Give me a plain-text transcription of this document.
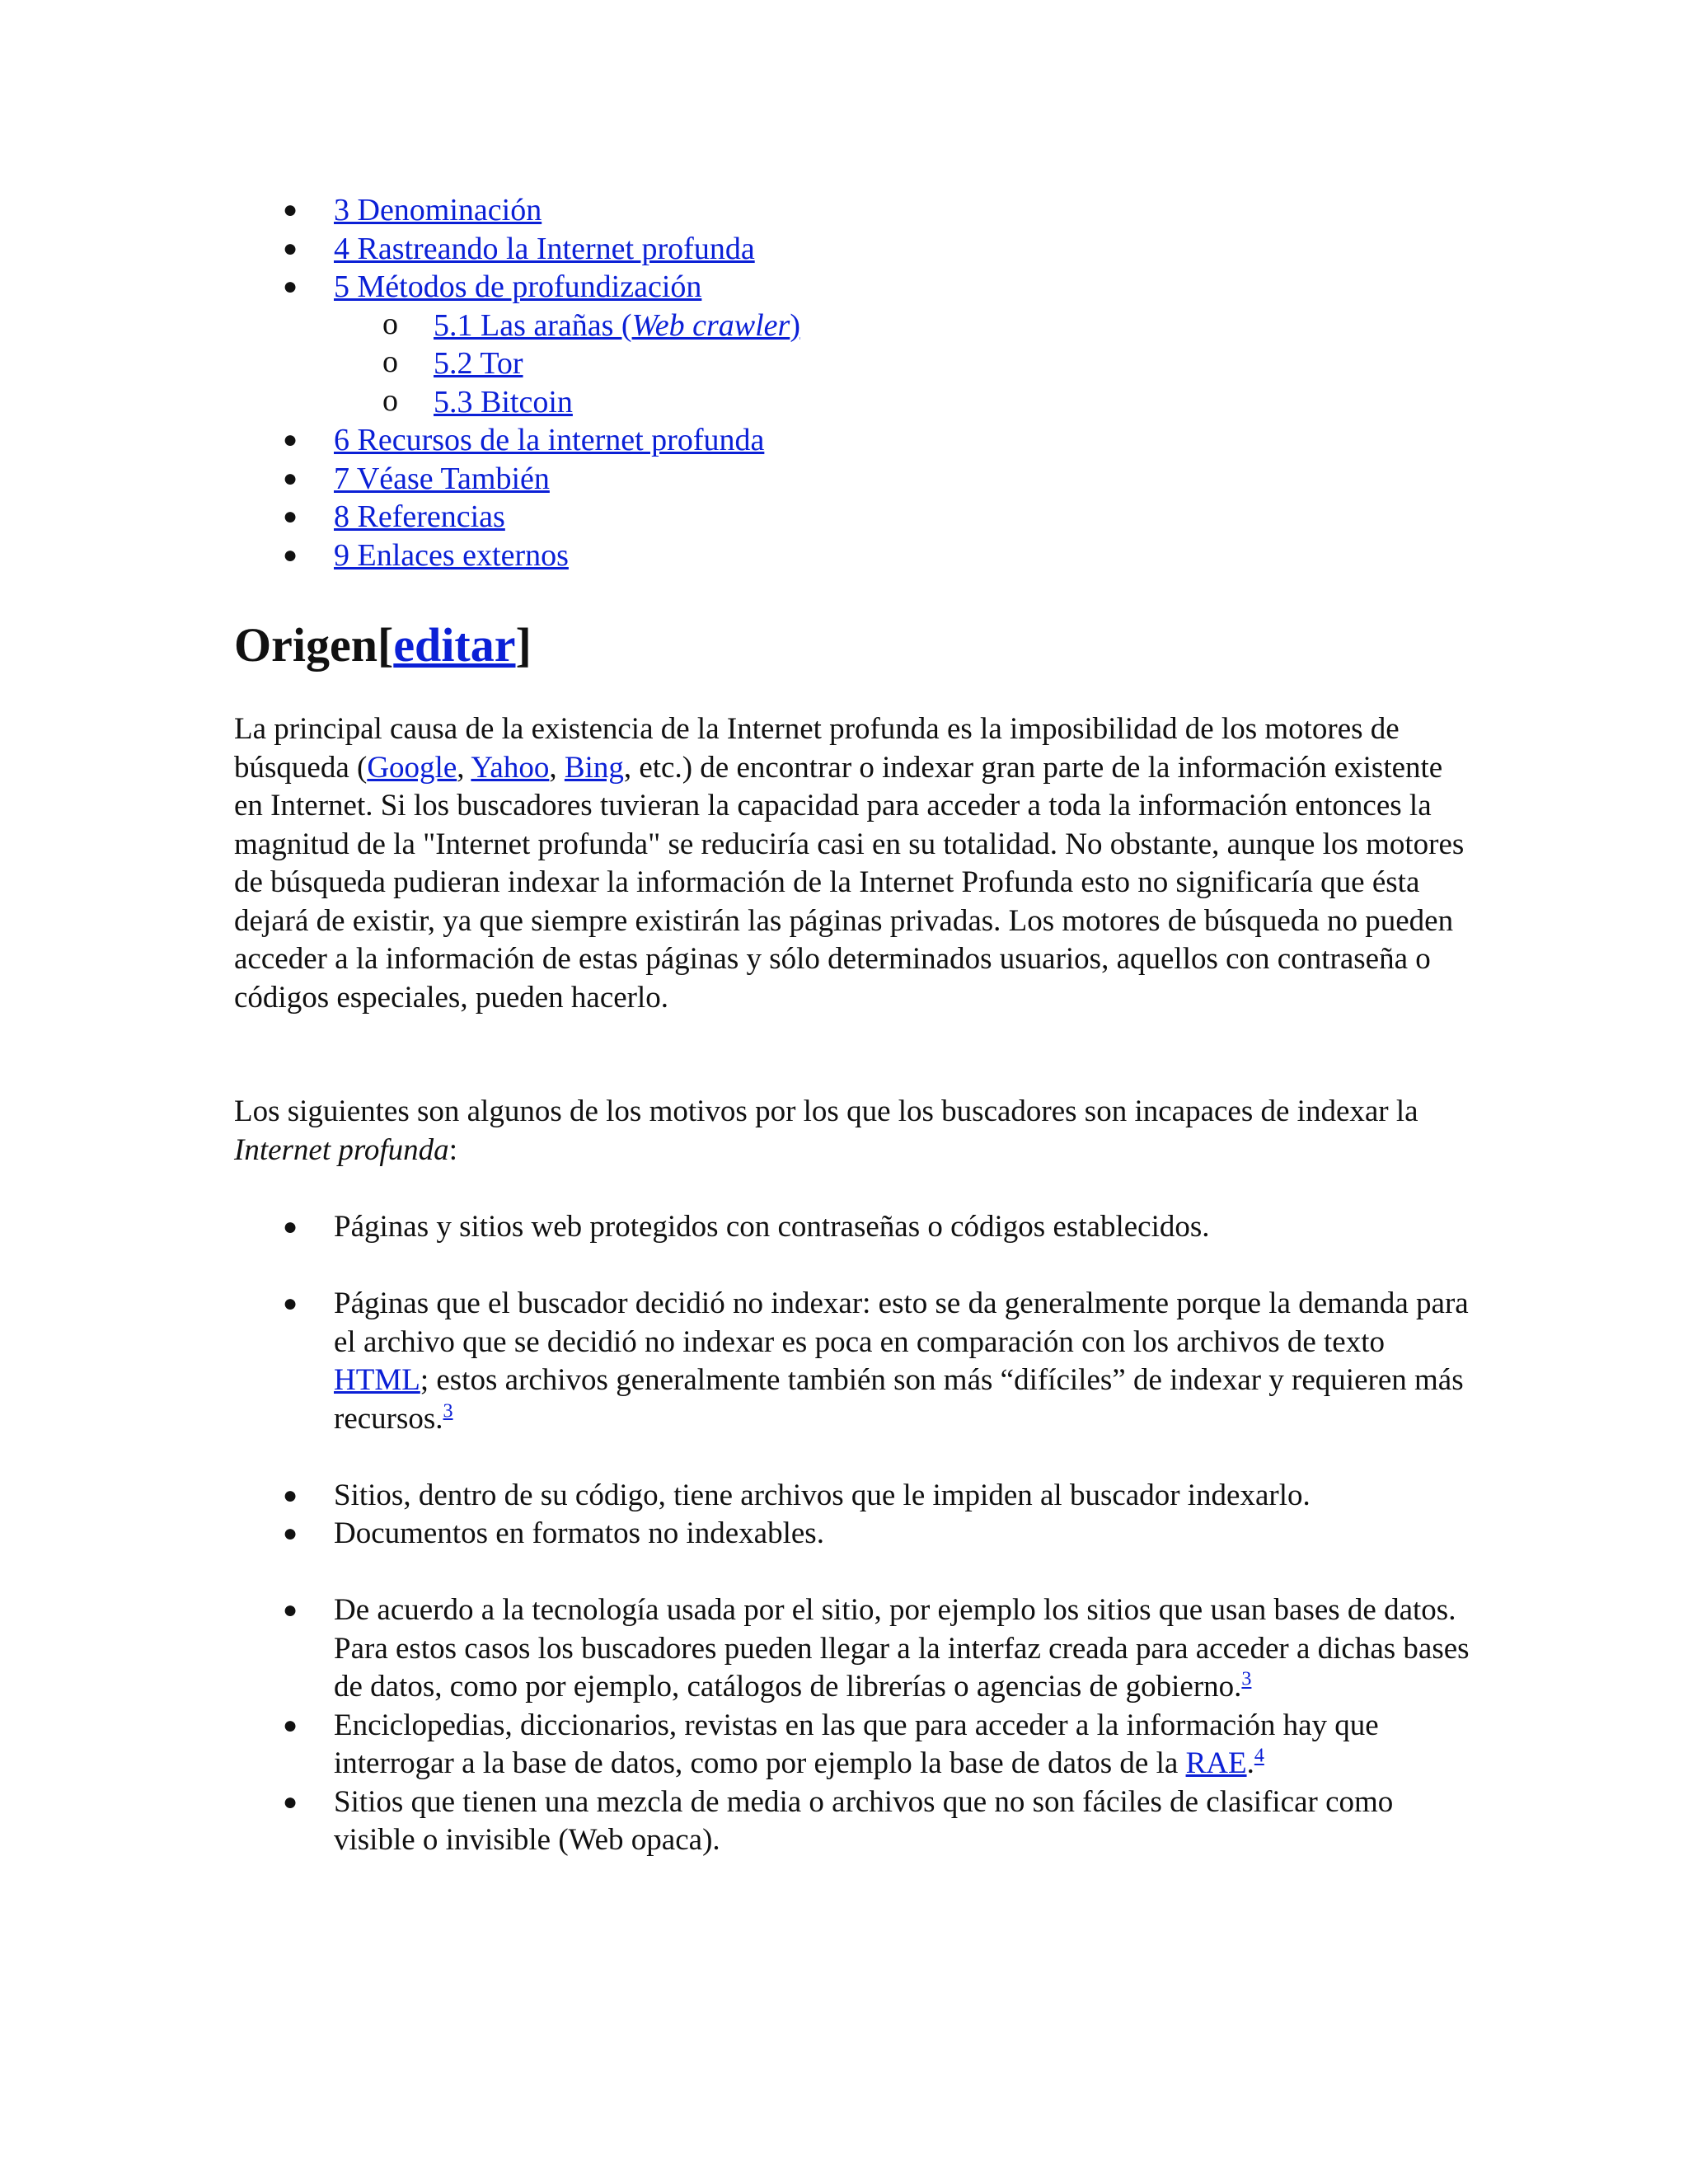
● 3 Denominación
● 4 Rastreando la Internet profunda
● 5 Métodos de profundización
o 5.1 Las arañas (Web crawler)
o 5.2 Tor
o 5.3 Bitcoin
● 6 Recursos de la internet profunda
● 7 Véase También
● 8 Referencias
● 9 Enlaces externos
Origen[editar]

La principal causa de la existencia de la Internet profunda es la imposibilidad de los motores de búsqueda (Google, Yahoo, Bing, etc.) de encontrar o indexar gran parte de la información existente en Internet. Si los buscadores tuvieran la capacidad para acceder a toda la información entonces la magnitud de la "Internet profunda" se reduciría casi en su totalidad. No obstante, aunque los motores de búsqueda pudieran indexar la información de la Internet Profunda esto no significaría que ésta dejará de existir, ya que siempre existirán las páginas privadas. Los motores de búsqueda no pueden acceder a la información de estas páginas y sólo determinados usuarios, aquellos con contraseña o códigos especiales, pueden hacerlo.

Los siguientes son algunos de los motivos por los que los buscadores son incapaces de indexar la Internet profunda:

● Páginas y sitios web protegidos con contraseñas o códigos establecidos.
● Páginas que el buscador decidió no indexar: esto se da generalmente porque la demanda para el archivo que se decidió no indexar es poca en comparación con los archivos de texto HTML; estos archivos generalmente también son más “difíciles” de indexar y requieren más recursos.$^3$
● Sitios, dentro de su código, tiene archivos que le impiden al buscador indexarlo.
● Documentos en formatos no indexables.
● De acuerdo a la tecnología usada por el sitio, por ejemplo los sitios que usan bases de datos. Para estos casos los buscadores pueden llegar a la interfaz creada para acceder a dichas bases de datos, como por ejemplo, catálogos de librerías o agencias de gobierno.$^3$
● Enciclopedias, diccionarios, revistas en las que para acceder a la información hay que interrogar a la base de datos, como por ejemplo la base de datos de la RAE.$^4$
● Sitios que tienen una mezcla de media o archivos que no son fáciles de clasificar como visible o invisible (Web opaca).
